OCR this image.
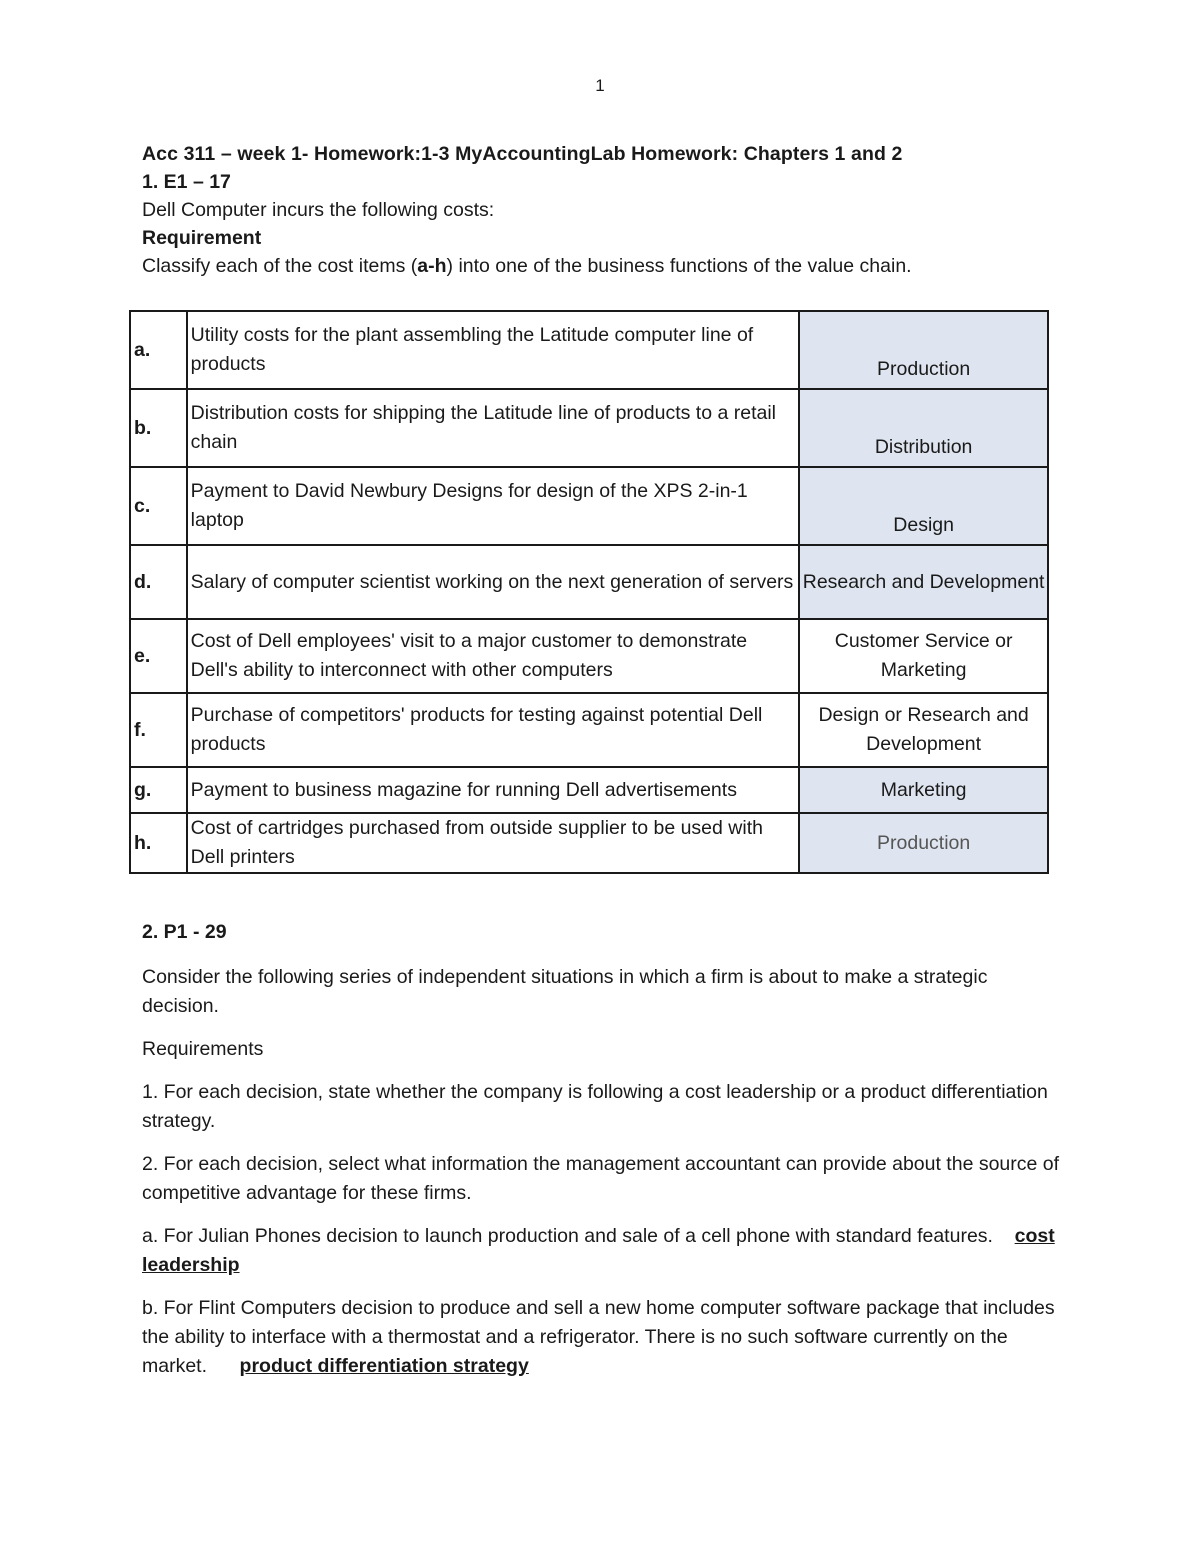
1
Acc 311 – week 1- Homework:1-3 MyAccountingLab Homework: Chapters 1 and 2
1. E1 – 17
Dell Computer incurs the following costs:
Requirement
Classify each of the cost items (a-h) into one of the business functions of the value chain.
a.	Utility costs for the plant assembling the Latitude computer line of products	Production
b.	Distribution costs for shipping the Latitude line of products to a retail chain	Distribution
c.	Payment to David Newbury Designs for design of the XPS 2-in-1 laptop	Design
d.	Salary of computer scientist working on the next generation of servers	Research and Development
e.	Cost of Dell employees' visit to a major customer to demonstrate Dell's ability to interconnect with other computers	Customer Service or Marketing
f.	Purchase of competitors' products for testing against potential Dell products	Design or Research and Development
g.	Payment to business magazine for running Dell advertisements	Marketing
h.	Cost of cartridges purchased from outside supplier to be used with Dell printers	Production

2. P1 - 29

Consider the following series of independent situations in which a firm is about to make a strategic decision.

Requirements

1. For each decision, state whether the company is following a cost leadership or a product differentiation strategy.

2. For each decision, select what information the management accountant can provide about the source of competitive advantage for these firms.

a. For Julian Phones decision to launch production and sale of a cell phone with standard features. cost leadership

b. For Flint Computers decision to produce and sell a new home computer software package that includes the ability to interface with a thermostat and a refrigerator. There is no such software currently on the market. product differentiation strategy
